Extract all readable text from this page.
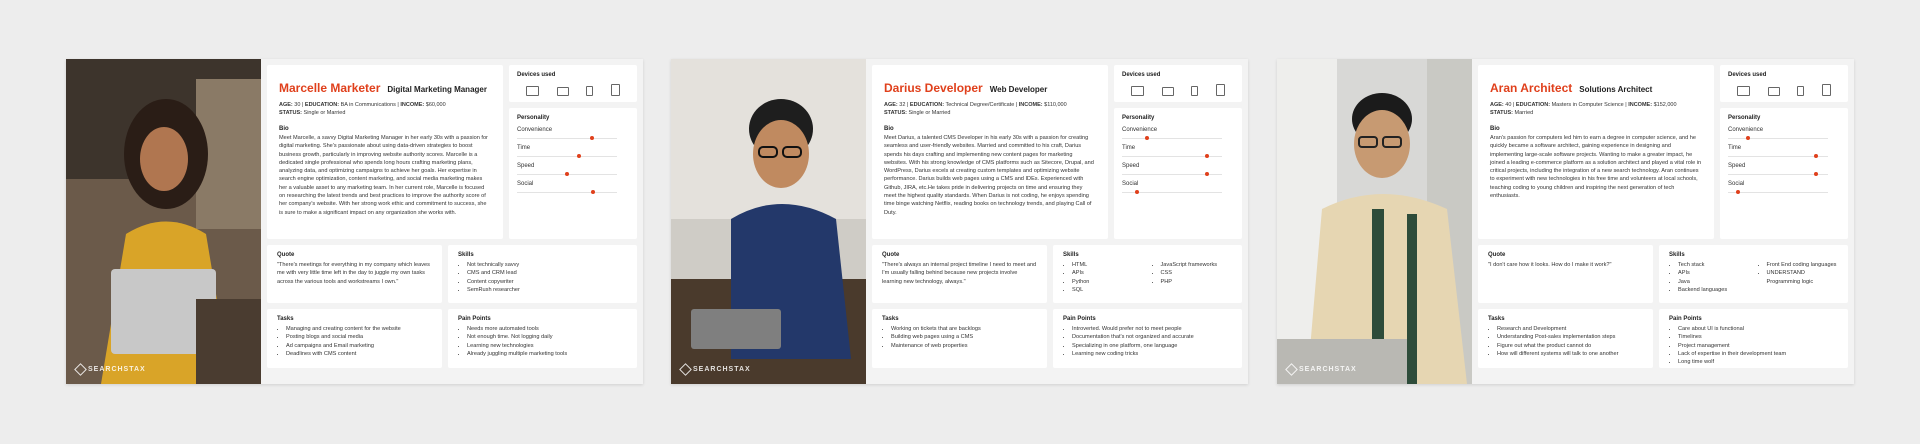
SEARCHSTAX
Marcelle Marketer Digital Marketing Manager
AGE: 30 | EDUCATION: BA in Communications | INCOME: $60,000
STATUS: Single or Married
Bio
Meet Marcelle, a savvy Digital Marketing Manager in her early 30s with a passion for digital marketing. She's passionate about using data-driven strategies to boost business growth, particularly in improving website authority scores. Marcelle is a dedicated single professional who spends long hours crafting marketing plans, analyzing data, and optimizing campaigns to achieve her goals. Her expertise in search engine optimization, content marketing, and social media marketing makes her a valuable asset to any marketing team. In her current role, Marcelle is focused on researching the latest trends and best practices to improve the authority score of her company's website. With her strong work ethic and commitment to success, she is sure to make a significant impact on any organization she works with.
Devices used
Personality
Convenience
Time
Speed
Social
Quote
"There's meetings for everything in my company which leaves me with very little time left in the day to juggle my own tasks across the various tools and workstreams I own."
Skills
• Not technically savvy
• CMS and CRM lead
• Content copywriter
• SemRush researcher
Tasks
• Managing and creating content for the website
• Posting blogs and social media
• Ad campaigns and Email marketing
• Deadlines with CMS content
Pain Points
• Needs more automated tools
• Not enough time. Not logging daily
• Learning new technologies
• Already juggling multiple marketing tools
SEARCHSTAX
Darius Developer Web Developer
AGE: 32 | EDUCATION: Technical Degree/Certificate | INCOME: $110,000
STATUS: Single or Married
Bio
Meet Darius, a talented CMS Developer in his early 30s with a passion for creating seamless and user-friendly websites. Married and committed to his craft, Darius spends his days crafting and implementing new content pages for marketing websites. With his strong knowledge of CMS platforms such as Sitecore, Drupal, and WordPress, Darius excels at creating custom templates and optimizing website performance. Darius builds web pages using a CMS and IDEs. Experienced with Github, JIRA, etc.He takes pride in delivering projects on time and ensuring they meet the highest quality standards. When Darius is not coding, he enjoys spending time binge watching Netflix, reading books on technology trends, and playing Call of Duty.
Devices used
Personality
Convenience
Time
Speed
Social
Quote
"There's always an internal project timeline I need to meet and I'm usually falling behind because new projects involve learning new technology, always."
Skills
• HTML
• APIs
• Python
• SQL
• JavaScript frameworks
• CSS
• PHP
Tasks
• Working on tickets that are backlogs
• Building web pages using a CMS
• Maintenance of web properties
Pain Points
• Introverted. Would prefer not to meet people
• Documentation that's not organized and accurate
• Specializing in one platform, one language
• Learning new coding tricks
SEARCHSTAX
Aran Architect Solutions Architect
AGE: 40 | EDUCATION: Masters in Computer Science | INCOME: $152,000
STATUS: Married
Bio
Aran's passion for computers led him to earn a degree in computer science, and he quickly became a software architect, gaining experience in designing and implementing large-scale software projects. Wanting to make a greater impact, he joined a leading e-commerce platform as a solution architect and played a vital role in critical projects, including the integration of a new search technology. Aran continues to experiment with new technologies in his free time and volunteers at local schools, teaching coding to young children and inspiring the next generation of tech enthusiasts.
Devices used
Personality
Convenience
Time
Speed
Social
Quote
"I don't care how it looks. How do I make it work?"
Skills
• Tech stack
• APIs
• Java
• Backend languages
• Front End coding languages
• UNDERSTAND Programming logic
Tasks
• Research and Development
• Understanding Post-sales implementation steps
• Figure out what the product cannot do
• How will different systems will talk to one another
Pain Points
• Care about UI is functional
• Timelines
• Project management
• Lack of expertise in their development team
• Long time wolf
